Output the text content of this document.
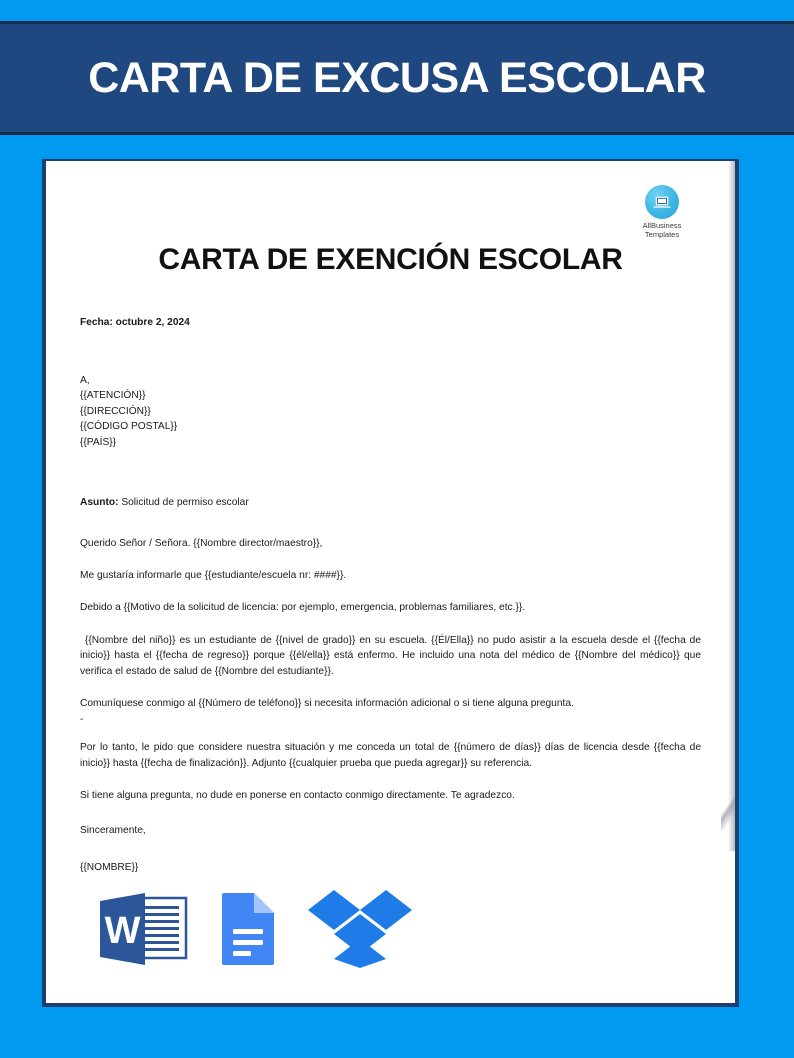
CARTA DE EXCUSA ESCOLAR
AllBusiness
Templates
CARTA DE EXENCIÓN ESCOLAR
Fecha: octubre 2, 2024
A,
{{ATENCIÓN}}
{{DIRECCIÓN}}
{{CÓDIGO POSTAL}}
{{PAÍS}}
Asunto: Solicitud de permiso escolar
Querido Señor / Señora. {{Nombre director/maestro}},
Me gustaría informarle que {{estudiante/escuela nr: ####}}.
Debido a {{Motivo de la solicitud de licencia: por ejemplo, emergencia, problemas familiares, etc.}}.
{{Nombre del niño}} es un estudiante de {{nivel de grado}} en su escuela. {{Él/Ella}} no pudo asistir a la escuela desde el {{fecha de inicio}} hasta el {{fecha de regreso}} porque {{él/ella}} está enfermo. He incluido una nota del médico de {{Nombre del médico}} que verifica el estado de salud de {{Nombre del estudiante}}.
Comuníquese conmigo al {{Número de teléfono}} si necesita información adicional o si tiene alguna pregunta.
-
Por lo tanto, le pido que considere nuestra situación y me conceda un total de {{número de días}} días de licencia desde {{fecha de inicio}} hasta {{fecha de finalización}}. Adjunto {{cualquier prueba que pueda agregar}} su referencia.
Si tiene alguna pregunta, no dude en ponerse en contacto conmigo directamente. Te agradezco.
Sinceramente,
{{NOMBRE}}
W
